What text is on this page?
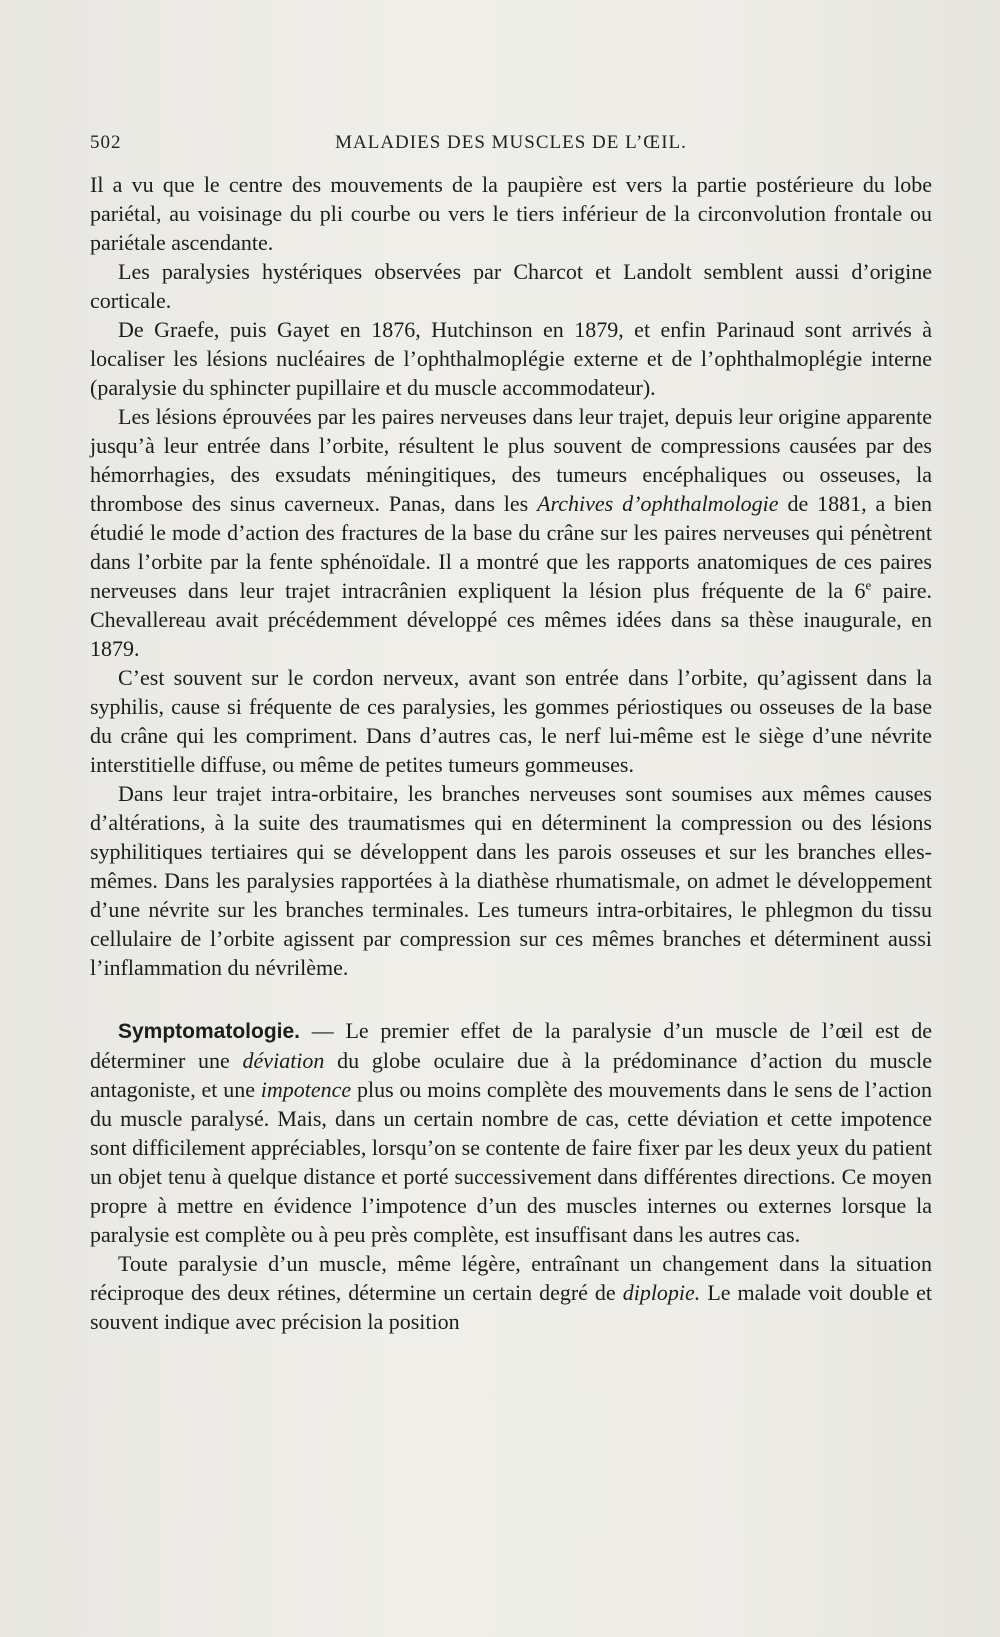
502	MALADIES DES MUSCLES DE L’ŒIL.

Il a vu que le centre des mouvements de la paupière est vers la partie postérieure du lobe pariétal, au voisinage du pli courbe ou vers le tiers inférieur de la circonvolution frontale ou pariétale ascendante.

Les paralysies hystériques observées par Charcot et Landolt semblent aussi d’origine corticale.

De Graefe, puis Gayet en 1876, Hutchinson en 1879, et enfin Parinaud sont arrivés à localiser les lésions nucléaires de l’ophthalmoplégie externe et de l’ophthalmoplégie interne (paralysie du sphincter pupillaire et du muscle accommodateur).

Les lésions éprouvées par les paires nerveuses dans leur trajet, depuis leur origine apparente jusqu’à leur entrée dans l’orbite, résultent le plus souvent de compressions causées par des hémorrhagies, des exsudats méningitiques, des tumeurs encéphaliques ou osseuses, la thrombose des sinus caverneux. Panas, dans les Archives d’ophthalmologie de 1881, a bien étudié le mode d’action des fractures de la base du crâne sur les paires nerveuses qui pénètrent dans l’orbite par la fente sphénoïdale. Il a montré que les rapports anatomiques de ces paires nerveuses dans leur trajet intracrânien expliquent la lésion plus fréquente de la 6e paire. Chevallereau avait précédemment développé ces mêmes idées dans sa thèse inaugurale, en 1879.

C’est souvent sur le cordon nerveux, avant son entrée dans l’orbite, qu’agissent dans la syphilis, cause si fréquente de ces paralysies, les gommes périostiques ou osseuses de la base du crâne qui les compriment. Dans d’autres cas, le nerf lui-même est le siège d’une névrite interstitielle diffuse, ou même de petites tumeurs gommeuses.

Dans leur trajet intra-orbitaire, les branches nerveuses sont soumises aux mêmes causes d’altérations, à la suite des traumatismes qui en déterminent la compression ou des lésions syphilitiques tertiaires qui se développent dans les parois osseuses et sur les branches elles-mêmes. Dans les paralysies rapportées à la diathèse rhumatismale, on admet le développement d’une névrite sur les branches terminales. Les tumeurs intra-orbitaires, le phlegmon du tissu cellulaire de l’orbite agissent par compression sur ces mêmes branches et déterminent aussi l’inflammation du névrilème.

Symptomatologie. — Le premier effet de la paralysie d’un muscle de l’œil est de déterminer une déviation du globe oculaire due à la prédominance d’action du muscle antagoniste, et une impotence plus ou moins complète des mouvements dans le sens de l’action du muscle paralysé. Mais, dans un certain nombre de cas, cette déviation et cette impotence sont difficilement appréciables, lorsqu’on se contente de faire fixer par les deux yeux du patient un objet tenu à quelque distance et porté successivement dans différentes directions. Ce moyen propre à mettre en évidence l’impotence d’un des muscles internes ou externes lorsque la paralysie est complète ou à peu près complète, est insuffisant dans les autres cas.

Toute paralysie d’un muscle, même légère, entraînant un changement dans la situation réciproque des deux rétines, détermine un certain degré de diplopie. Le malade voit double et souvent indique avec précision la position
